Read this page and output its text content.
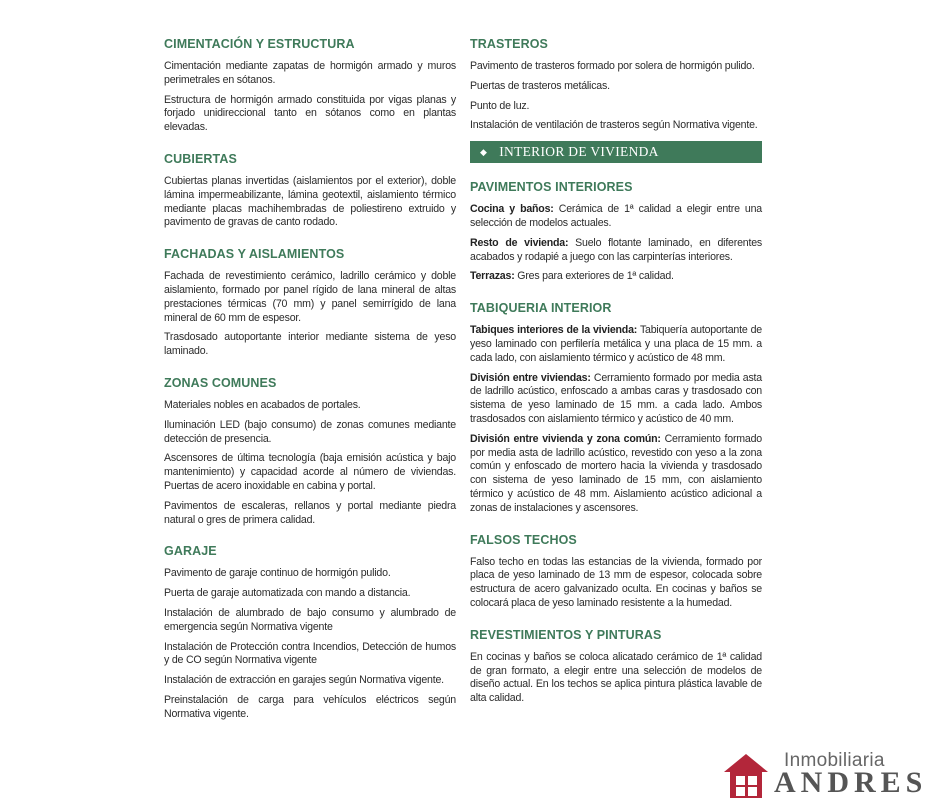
CIMENTACIÓN Y ESTRUCTURA

Cimentación mediante zapatas de hormigón armado y muros perimetrales en sótanos.

Estructura de hormigón armado constituida por vigas planas y forjado unidireccional tanto en sótanos como en plantas elevadas.

CUBIERTAS

Cubiertas planas invertidas (aislamientos por el exterior), doble lámina impermeabilizante, lámina geotextil, aislamiento térmico mediante placas machihembradas de poliestireno extruido y pavimento de gravas de canto rodado.

FACHADAS Y AISLAMIENTOS

Fachada de revestimiento cerámico, ladrillo cerámico y doble aislamiento, formado por panel rígido de lana mineral de altas prestaciones térmicas (70 mm) y panel semirrígido de lana mineral de 60 mm de espesor.

Trasdosado autoportante interior mediante sistema de yeso laminado.

ZONAS COMUNES

Materiales nobles en acabados de portales.

Iluminación LED (bajo consumo) de zonas comunes mediante detección de presencia.

Ascensores de última tecnología (baja emisión acústica y bajo mantenimiento) y capacidad acorde al número de viviendas. Puertas de acero inoxidable en cabina y portal.

Pavimentos de escaleras, rellanos y portal mediante piedra natural o gres de primera calidad.

GARAJE

Pavimento de garaje continuo de hormigón pulido.

Puerta de garaje automatizada con mando a distancia.

Instalación de alumbrado de bajo consumo y alumbrado de emergencia según Normativa vigente

Instalación de Protección contra Incendios, Detección de humos y de CO según Normativa vigente

Instalación de extracción en garajes según Normativa vigente.

Preinstalación de carga para vehículos eléctricos según Normativa vigente.

TRASTEROS

Pavimento de trasteros formado por solera de hormigón pulido.

Puertas de trasteros metálicas.

Punto de luz.

Instalación de ventilación de trasteros según Normativa vigente.

◆ INTERIOR DE VIVIENDA
PAVIMENTOS INTERIORES

Cocina y baños: Cerámica de 1ª calidad a elegir entre una selección de modelos actuales.

Resto de vivienda: Suelo flotante laminado, en diferentes acabados y rodapié a juego con las carpinterías interiores.

Terrazas: Gres para exteriores de 1ª calidad.

TABIQUERIA INTERIOR

Tabiques interiores de la vivienda: Tabiquería autoportante de yeso laminado con perfilería metálica y una placa de 15 mm. a cada lado, con aislamiento térmico y acústico de 48 mm.

División entre viviendas: Cerramiento formado por media asta de ladrillo acústico, enfoscado a ambas caras y trasdosado con sistema de yeso laminado de 15 mm. a cada lado. Ambos trasdosados con aislamiento térmico y acústico de 40 mm.

División entre vivienda y zona común: Cerramiento formado por media asta de ladrillo acústico, revestido con yeso a la zona común y enfoscado de mortero hacia la vivienda y trasdosado con sistema de yeso laminado de 15 mm, con aislamiento térmico y acústico de 48 mm. Aislamiento acústico adicional a zonas de instalaciones y ascensores.

FALSOS TECHOS

Falso techo en todas las estancias de la vivienda, formado por placa de yeso laminado de 13 mm de espesor, colocada sobre estructura de acero galvanizado oculta. En cocinas y baños se colocará placa de yeso laminado resistente a la humedad.

REVESTIMIENTOS Y PINTURAS

En cocinas y baños se coloca alicatado cerámico de 1ª calidad de gran formato, a elegir entre una selección de modelos de diseño actual. En los techos se aplica pintura plástica lavable de alta calidad.

Inmobiliaria
ANDRES
